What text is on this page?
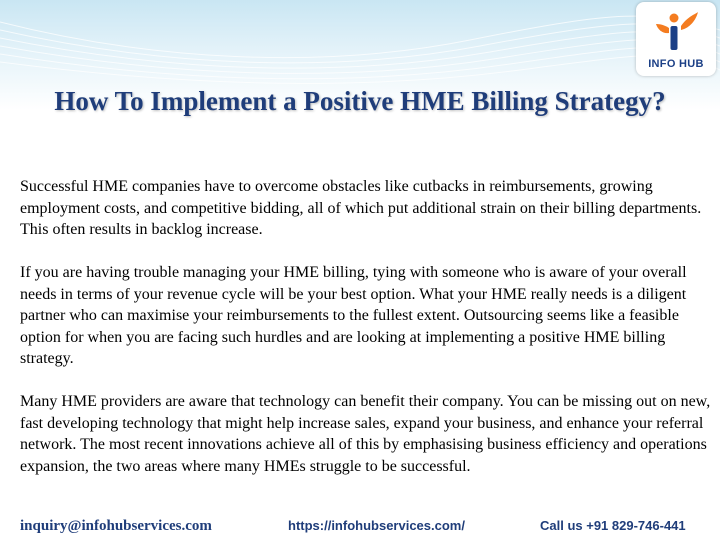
INFO HUB
How To Implement a Positive HME Billing Strategy?

Successful HME companies have to overcome obstacles like cutbacks in reimbursements, growing employment costs, and competitive bidding, all of which put additional strain on their billing departments. This often results in backlog increase.

If you are having trouble managing your HME billing, tying with someone who is aware of your overall needs in terms of your revenue cycle will be your best option. What your HME really needs is a diligent partner who can maximise your reimbursements to the fullest extent. Outsourcing seems like a feasible option for when you are facing such hurdles and are looking at implementing a positive HME billing strategy.

Many HME providers are aware that technology can benefit their company. You can be missing out on new, fast developing technology that might help increase sales, expand your business, and enhance your referral network. The most recent innovations achieve all of this by emphasising business efficiency and operations expansion, the two areas where many HMEs struggle to be successful.

inquiry@infohubservices.com	https://infohubservices.com/	Call us +91 829-746-441
